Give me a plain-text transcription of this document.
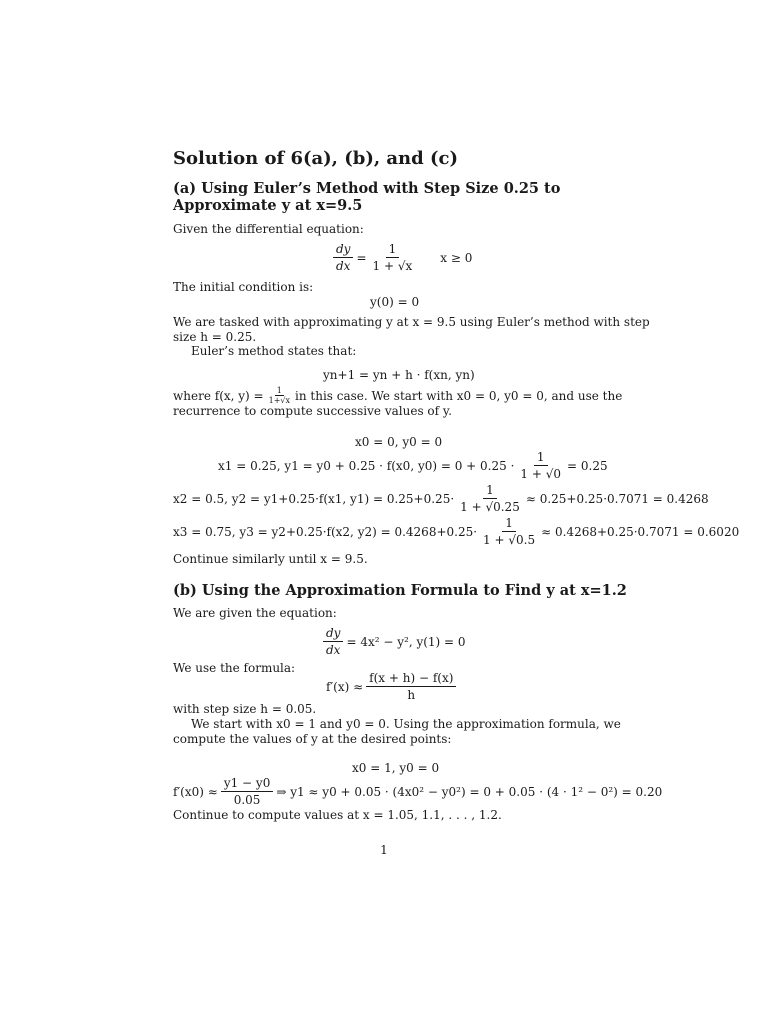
Solution of 6(a), (b), and (c)
(a) Using Euler’s Method with Step Size 0.25 to Approximate y at x=9.5
Given the differential equation:
$\frac{dy}{dx} = \frac{1}{1 + √x}$ x ≥ 0
The initial condition is:
y(0) = 0
We are tasked with approximating y at x = 9.5 using Euler’s method with step
size h = 0.25.
Euler’s method states that:
yn+1 = yn + h · f(xn, yn)
where f(x, $y) = \frac{1}{1+√x}$ in this case. We start with x0 = 0, y0 = 0, and use the
recurrence to compute successive values of y.
x0 = 0, y0 = 0
x1 = 0.25, y1 = y0 + 0.25 · f(x0, $y0) = 0 + 0.25 \cdot \frac{1}{1 + √0} = 0.25$
x2 = 0.5, y2 = y1+0.25·f(x1, $y1) = 0.25+0.25\cdot \frac{1}{1 + √0.25} \approx 0.25+0.25\cdot 0.7071 = 0.4268$
x3 = 0.75, y3 = y2+0.25·f(x2, $y2) = 0.4268+0.25\cdot \frac{1}{1 + √0.5} \approx 0.4268+0.25\cdot 0.7071 = 0.6020$
Continue similarly until x = 9.5.
(b) Using the Approximation Formula to Find y at x=1.2
We are given the equation:
$\frac{dy}{dx} = 4x^2 - y^2$, y(1) = 0
We use the formula:
$f'(x) \approx \frac{f(x + h) - f(x)}{h}$
with step size h = 0.05.
We start with x0 = 1 and y0 = 0. Using the approximation formula, we
compute the values of y at the desired points:
x0 = 1, y0 = 0
$f'(x0) \approx \frac{y1 - y0}{0.05}$ ⇒ y1 ≈ y0 + 0.05 · (4x0² − y0²) = 0 + 0.05 · (4 · 1² − 0²) = 0.20
Continue to compute values at x = 1.05, 1.1, . . . , 1.2.
1
